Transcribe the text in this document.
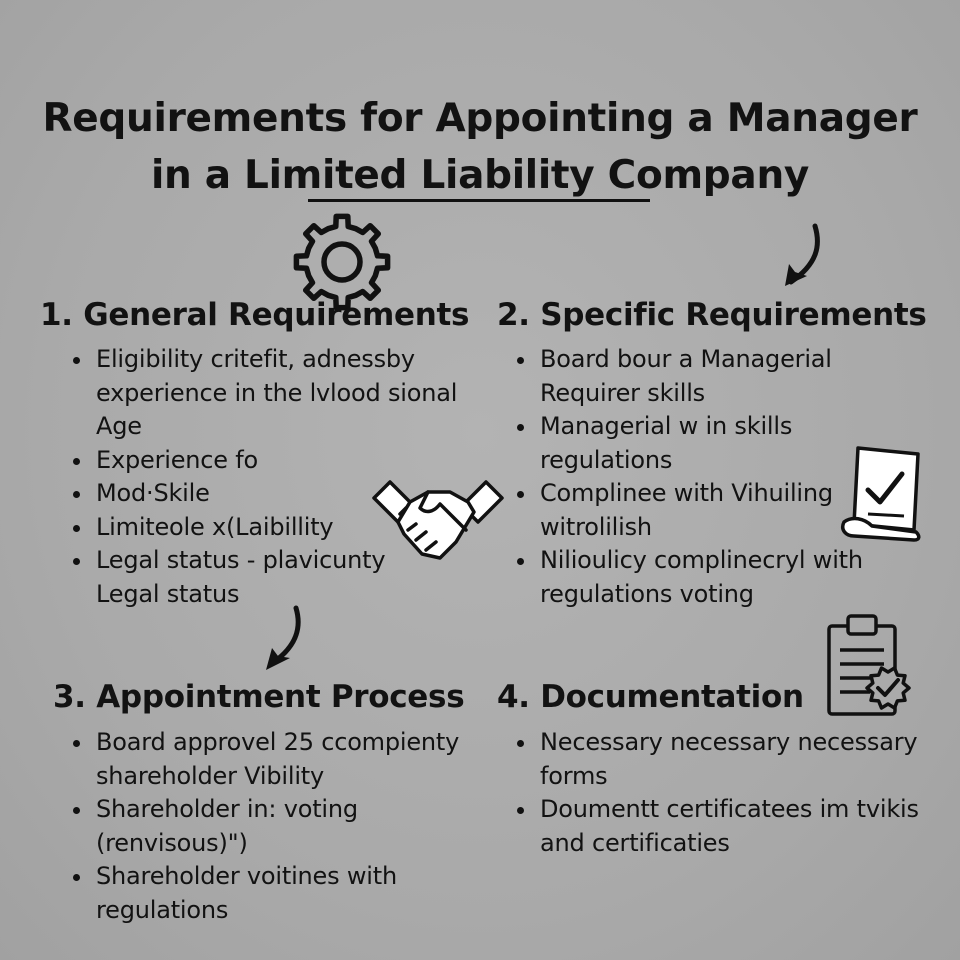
Requirements for Appointing a Manager
in a Limited Liability Company
1. General Requirements
Eligibility critefit, adnessby
experience in the lvlood sional
Age
Experience fo
Mod·Skile
Limiteole x(Laibillity
Legal status - plavicunty
Legal status
2. Specific Requirements
Board bour a Managerial
Requirer skills
Managerial w in skills
regulations
Complinee with Vihuiling
witrolilish
Nilioulicy complinecryl with
regulations voting
3. Appointment Process
Board approvel 25 ccompienty
shareholder Vibility
Shareholder in: voting
(renvisous)")
Shareholder voitines with
regulations
4. Documentation
Necessary necessary necessary
forms
Doumentt certificatees im tvikis
and certificaties
